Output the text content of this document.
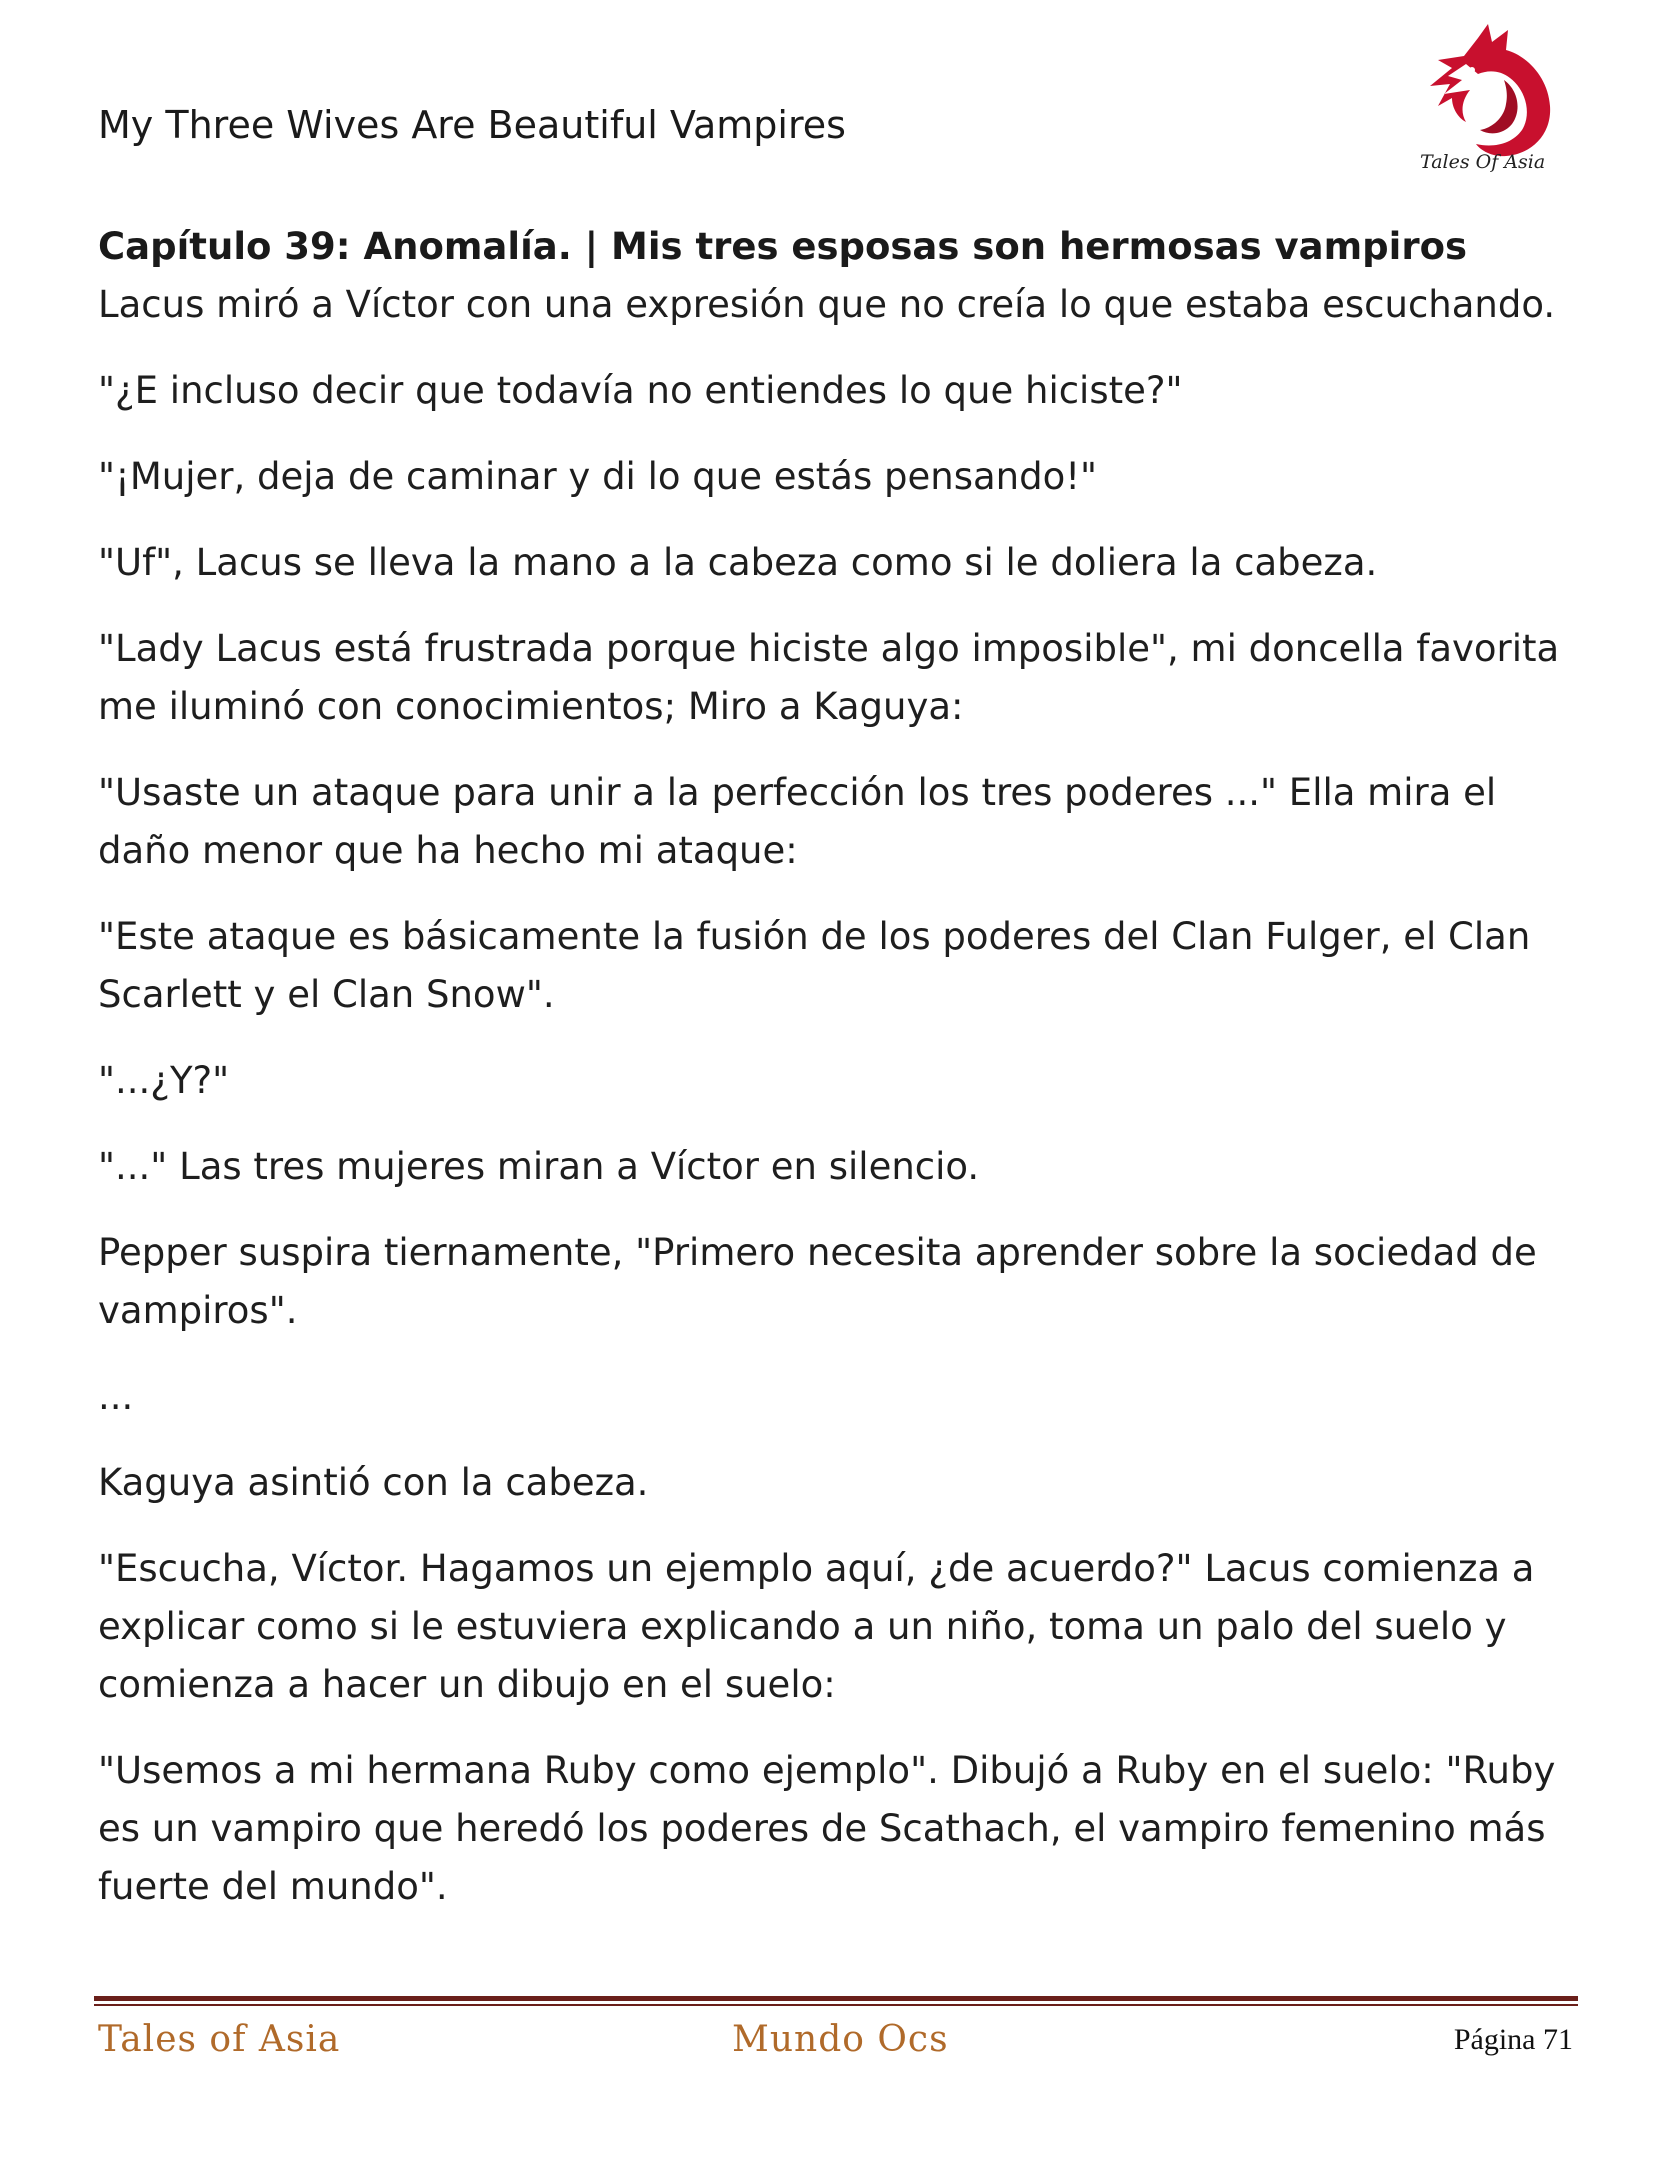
My Three Wives Are Beautiful Vampires
Tales Of Asia
Capítulo 39: Anomalía. | Mis tres esposas son hermosas vampiros

Lacus miró a Víctor con una expresión que no creía lo que estaba escuchando.

"¿E incluso decir que todavía no entiendes lo que hiciste?"

"¡Mujer, deja de caminar y di lo que estás pensando!"

"Uf", Lacus se lleva la mano a la cabeza como si le doliera la cabeza.

"Lady Lacus está frustrada porque hiciste algo imposible", mi doncella favorita me iluminó con conocimientos; Miro a Kaguya:

"Usaste un ataque para unir a la perfección los tres poderes ..." Ella mira el daño menor que ha hecho mi ataque:

"Este ataque es básicamente la fusión de los poderes del Clan Fulger, el Clan Scarlett y el Clan Snow".

"...¿Y?"

"..." Las tres mujeres miran a Víctor en silencio.

Pepper suspira tiernamente, "Primero necesita aprender sobre la sociedad de vampiros".

...

Kaguya asintió con la cabeza.

"Escucha, Víctor. Hagamos un ejemplo aquí, ¿de acuerdo?" Lacus comienza a explicar como si le estuviera explicando a un niño, toma un palo del suelo y comienza a hacer un dibujo en el suelo:

"Usemos a mi hermana Ruby como ejemplo". Dibujó a Ruby en el suelo: "Ruby es un vampiro que heredó los poderes de Scathach, el vampiro femenino más fuerte del mundo".

Tales of Asia	Mundo Ocs	Página 71
